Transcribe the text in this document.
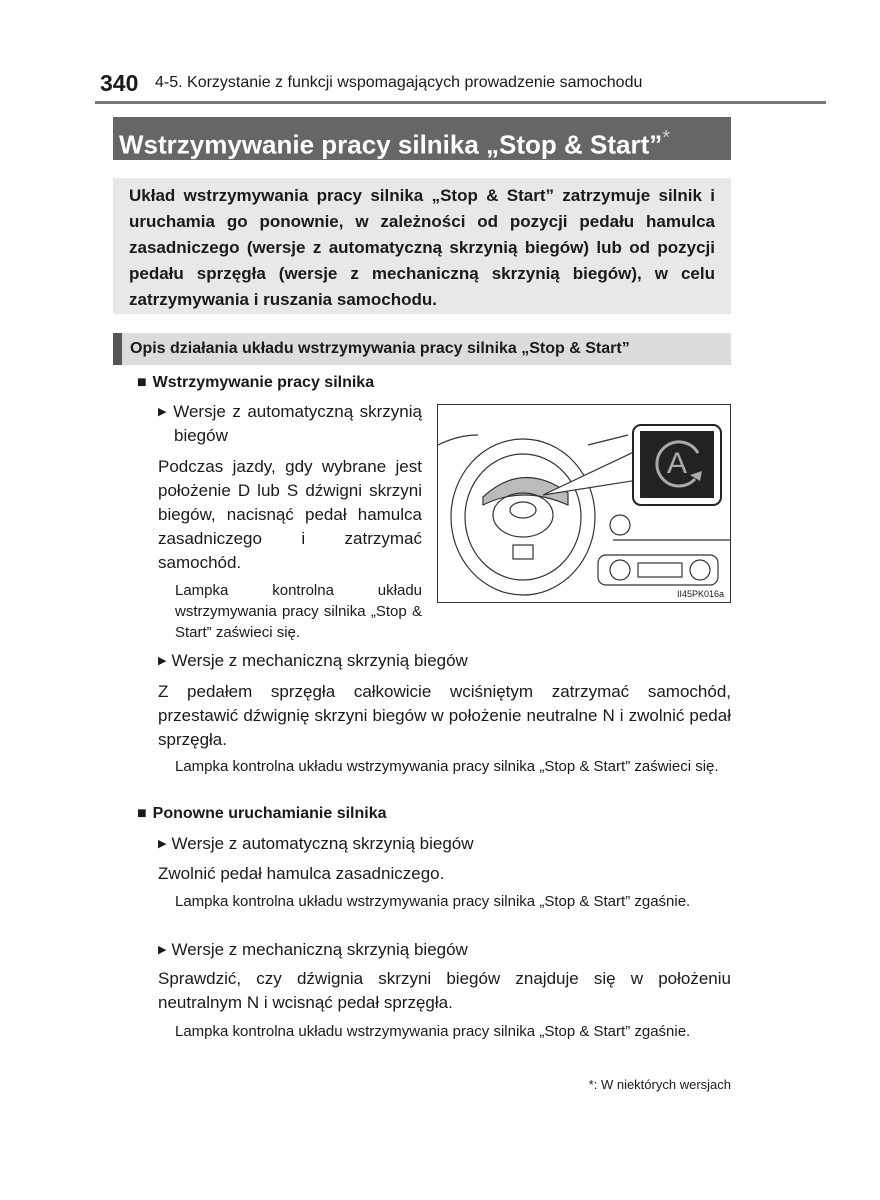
340 4-5. Korzystanie z funkcji wspomagających prowadzenie samochodu
Wstrzymywanie pracy silnika „Stop & Start”*
Układ wstrzymywania pracy silnika „Stop & Start” zatrzymuje silnik i uruchamia go ponownie, w zależności od pozycji pedału hamulca zasadniczego (wersje z automatyczną skrzynią biegów) lub od pozycji pedału sprzęgła (wersje z mechaniczną skrzynią biegów), w celu zatrzymywania i ruszania samochodu.
Opis działania układu wstrzymywania pracy silnika „Stop & Start”
■ Wstrzymywanie pracy silnika
▶ Wersje z automatyczną skrzynią biegów
Podczas jazdy, gdy wybrane jest położenie D lub S dźwigni skrzyni biegów, nacisnąć pedał hamulca zasadniczego i zatrzymać samochód.
Lampka kontrolna układu wstrzymywania pracy silnika „Stop & Start” zaświeci się.
A
II45PK016a
▶ Wersje z mechaniczną skrzynią biegów
Z pedałem sprzęgła całkowicie wciśniętym zatrzymać samochód, przestawić dźwignię skrzyni biegów w położenie neutralne N i zwolnić pedał sprzęgła.
Lampka kontrolna układu wstrzymywania pracy silnika „Stop & Start” zaświeci się.
■ Ponowne uruchamianie silnika
▶ Wersje z automatyczną skrzynią biegów
Zwolnić pedał hamulca zasadniczego.
Lampka kontrolna układu wstrzymywania pracy silnika „Stop & Start” zgaśnie.
▶ Wersje z mechaniczną skrzynią biegów
Sprawdzić, czy dźwignia skrzyni biegów znajduje się w położeniu neutralnym N i wcisnąć pedał sprzęgła.
Lampka kontrolna układu wstrzymywania pracy silnika „Stop & Start” zgaśnie.
*: W niektórych wersjach
